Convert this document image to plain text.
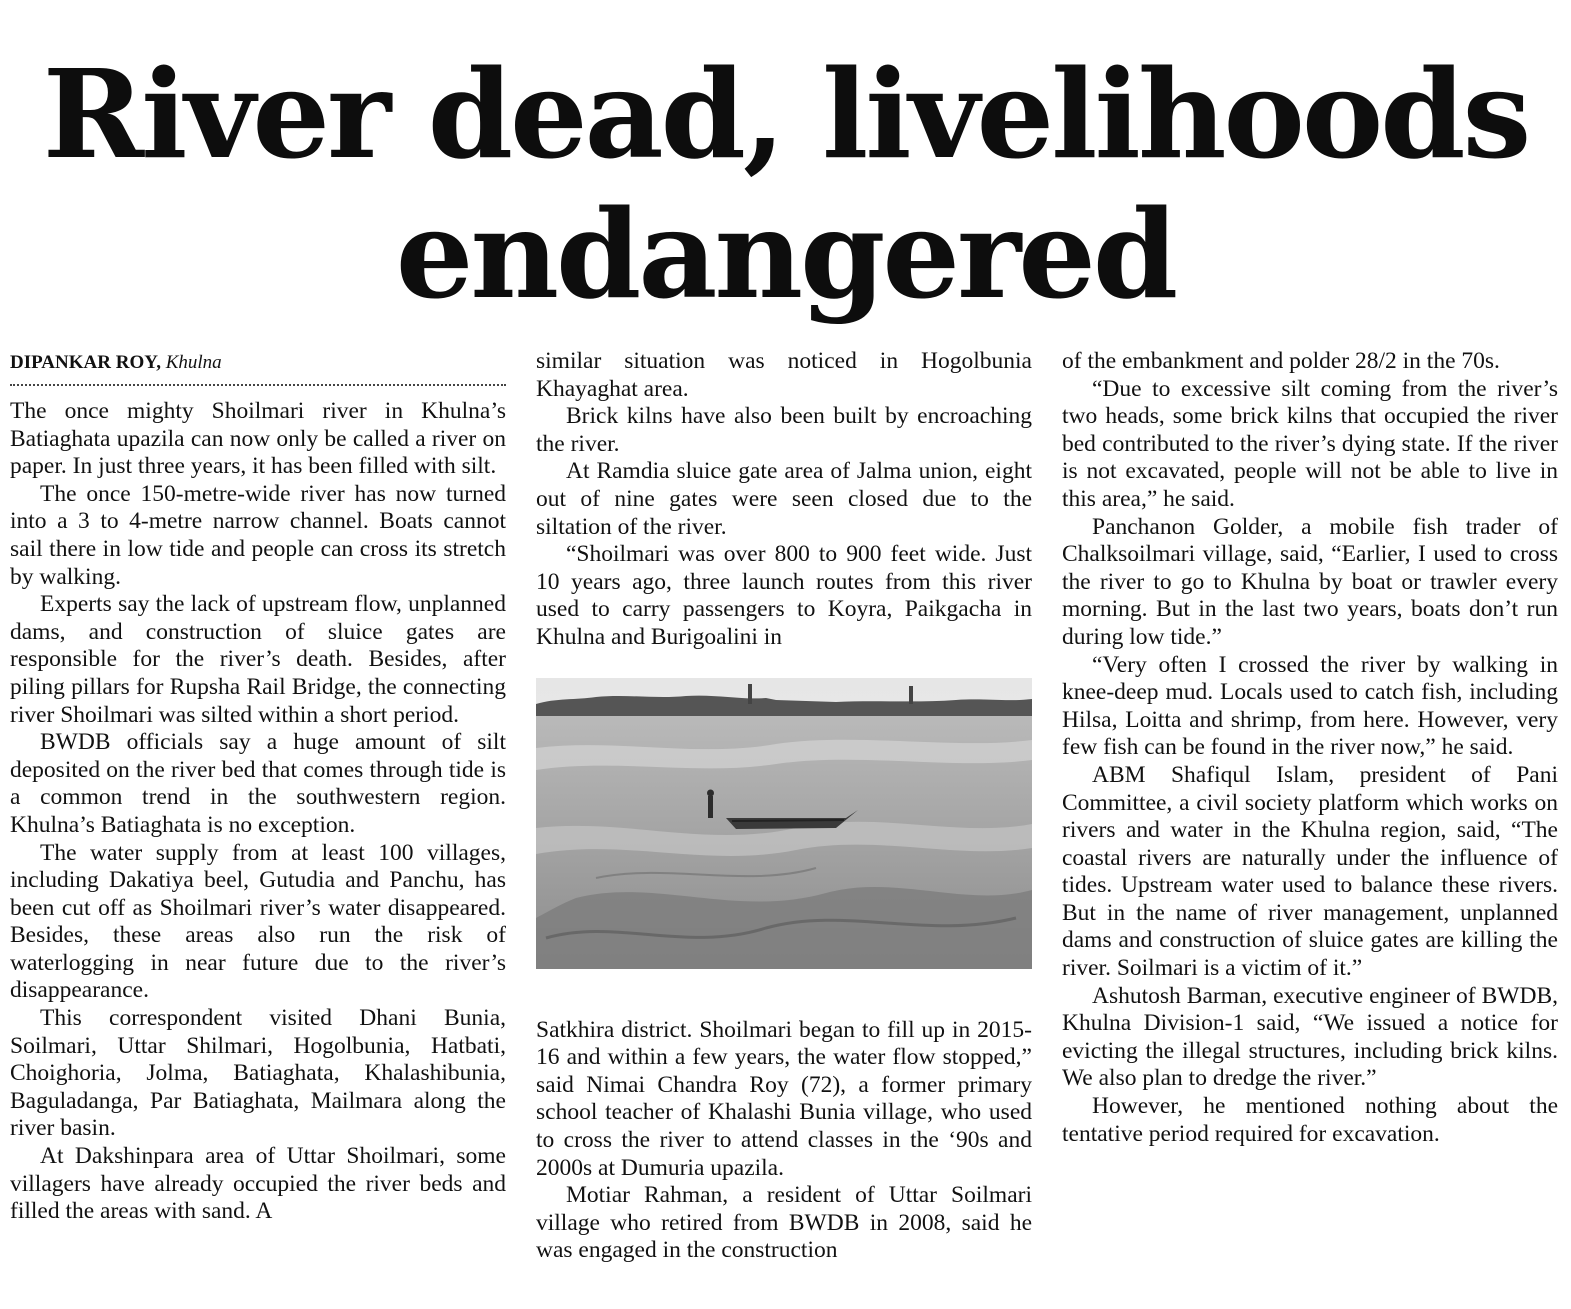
River dead, livelihoods
endangered
DIPANKAR ROY, Khulna

The once mighty Shoilmari river in Khulna’s Batiaghata upazila can now only be called a river on paper. In just three years, it has been filled with silt.

The once 150-metre-wide river has now turned into a 3 to 4-metre narrow channel. Boats cannot sail there in low tide and people can cross its stretch by walking.

Experts say the lack of upstream flow, unplanned dams, and construction of sluice gates are responsible for the river’s death. Besides, after piling pillars for Rupsha Rail Bridge, the connecting river Shoilmari was silted within a short period.

BWDB officials say a huge amount of silt deposited on the river bed that comes through tide is a common trend in the southwestern region. Khulna’s Batiaghata is no exception.

The water supply from at least 100 villages, including Dakatiya beel, Gutudia and Panchu, has been cut off as Shoilmari river’s water disappeared. Besides, these areas also run the risk of waterlogging in near future due to the river’s disappearance.

This correspondent visited Dhani Bunia, Soilmari, Uttar Shilmari, Hogolbunia, Hatbati, Choighoria, Jolma, Batiaghata, Khalashibunia, Baguladanga, Par Batiaghata, Mailmara along the river basin.

At Dakshinpara area of Uttar Shoilmari, some villagers have already occupied the river beds and filled the areas with sand. A

similar situation was noticed in Hogolbunia Khayaghat area.

Brick kilns have also been built by encroaching the river.

At Ramdia sluice gate area of Jalma union, eight out of nine gates were seen closed due to the siltation of the river.

“Shoilmari was over 800 to 900 feet wide. Just 10 years ago, three launch routes from this river used to carry passengers to Koyra, Paikgacha in Khulna and Burigoalini in

Satkhira district. Shoilmari began to fill up in 2015-16 and within a few years, the water flow stopped,” said Nimai Chandra Roy (72), a former primary school teacher of Khalashi Bunia village, who used to cross the river to attend classes in the ‘90s and 2000s at Dumuria upazila.

Motiar Rahman, a resident of Uttar Soilmari village who retired from BWDB in 2008, said he was engaged in the construction

of the embankment and polder 28/2 in the 70s.

“Due to excessive silt coming from the river’s two heads, some brick kilns that occupied the river bed contributed to the river’s dying state. If the river is not excavated, people will not be able to live in this area,” he said.

Panchanon Golder, a mobile fish trader of Chalksoilmari village, said, “Earlier, I used to cross the river to go to Khulna by boat or trawler every morning. But in the last two years, boats don’t run during low tide.”

“Very often I crossed the river by walking in knee-deep mud. Locals used to catch fish, including Hilsa, Loitta and shrimp, from here. However, very few fish can be found in the river now,” he said.

ABM Shafiqul Islam, president of Pani Committee, a civil society platform which works on rivers and water in the Khulna region, said, “The coastal rivers are naturally under the influence of tides. Upstream water used to balance these rivers. But in the name of river management, unplanned dams and construction of sluice gates are killing the river. Soilmari is a victim of it.”

Ashutosh Barman, executive engineer of BWDB, Khulna Division-1 said, “We issued a notice for evicting the illegal structures, including brick kilns. We also plan to dredge the river.”

However, he mentioned nothing about the tentative period required for excavation.
